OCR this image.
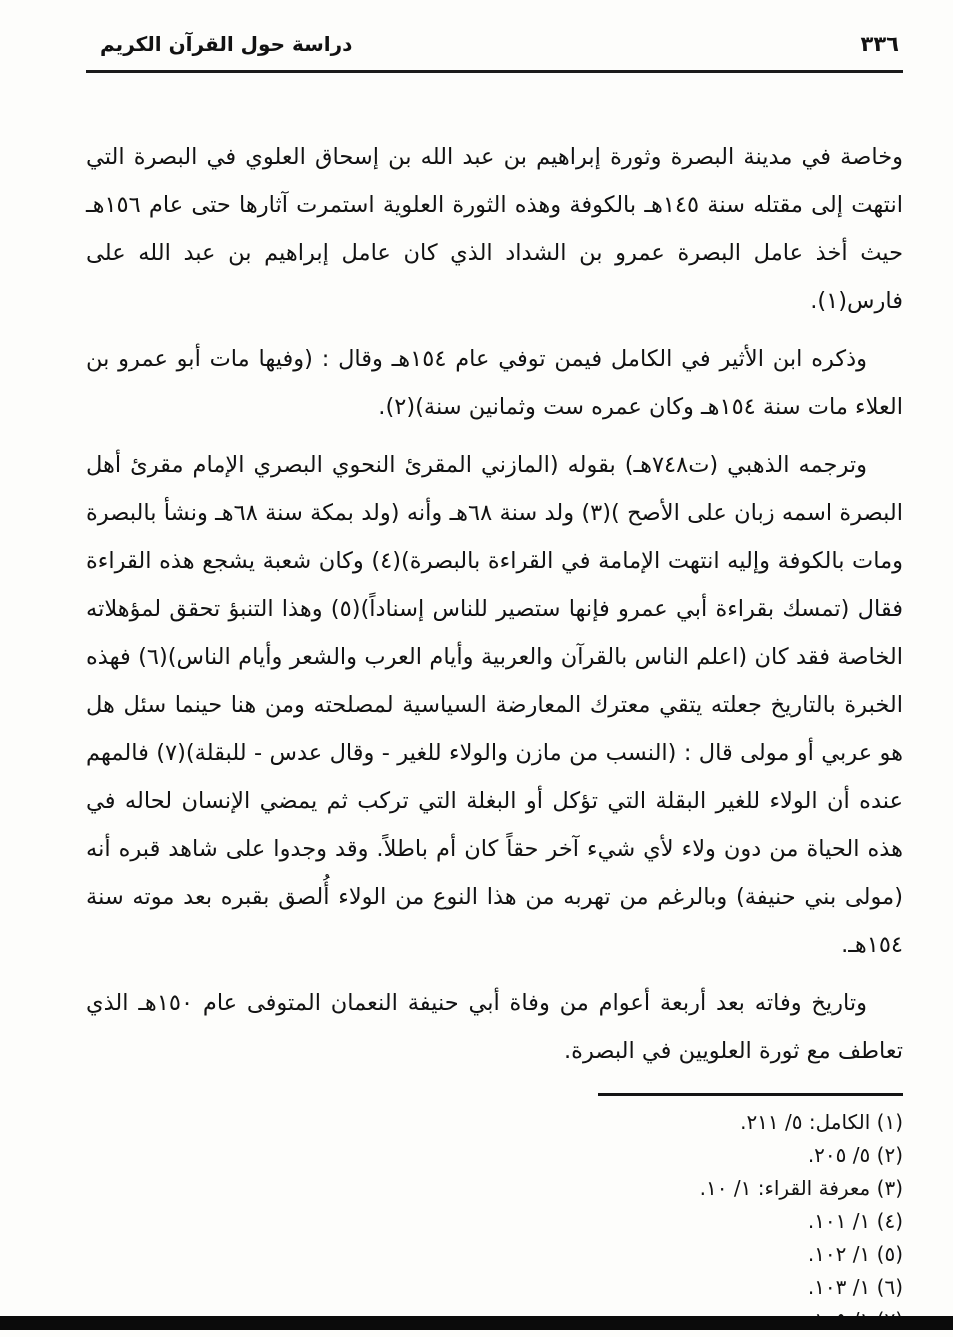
دراسة حول القرآن الكريم	٣٣٦

وخاصة في مدينة البصرة وثورة إبراهيم بن عبد الله بن إسحاق العلوي في البصرة التي انتهت إلى مقتله سنة ١٤٥هـ بالكوفة وهذه الثورة العلوية استمرت آثارها حتى عام ١٥٦هـ حيث أخذ عامل البصرة عمرو بن الشداد الذي كان عامل إبراهيم بن عبد الله على فارس(١).

وذكره ابن الأثير في الكامل فيمن توفي عام ١٥٤هـ وقال : (وفيها مات أبو عمرو بن العلاء مات سنة ١٥٤هـ وكان عمره ست وثمانين سنة)(٢).

وترجمه الذهبي (ت٧٤٨هـ) بقوله (المازني المقرئ النحوي البصري الإمام مقرئ أهل البصرة اسمه زبان على الأصح )(٣) ولد سنة ٦٨هـ وأنه (ولد بمكة سنة ٦٨هـ ونشأ بالبصرة ومات بالكوفة وإليه انتهت الإمامة في القراءة بالبصرة)(٤) وكان شعبة يشجع هذه القراءة فقال (تمسك بقراءة أبي عمرو فإنها ستصير للناس إسناداً)(٥) وهذا التنبؤ تحقق لمؤهلاته الخاصة فقد كان (اعلم الناس بالقرآن والعربية وأيام العرب والشعر وأيام الناس)(٦) فهذه الخبرة بالتاريخ جعلته يتقي معترك المعارضة السياسية لمصلحته ومن هنا حينما سئل هل هو عربي أو مولى قال : (النسب من مازن والولاء للغير - وقال عدس - للبقلة)(٧) فالمهم عنده أن الولاء للغير البقلة التي تؤكل أو البغلة التي تركب ثم يمضي الإنسان لحاله في هذه الحياة من دون ولاء لأي شيء آخر حقاً كان أم باطلاً. وقد وجدوا على شاهد قبره أنه (مولى بني حنيفة) وبالرغم من تهربه من هذا النوع من الولاء أُلصق بقبره بعد موته سنة ١٥٤هـ.

وتاريخ وفاته بعد أربعة أعوام من وفاة أبي حنيفة النعمان المتوفى عام ١٥٠هـ الذي تعاطف مع ثورة العلويين في البصرة.

(١) الكامل: ٥/ ٢١١.
(٢) ٥/ ٢٠٥.
(٣) معرفة القراء: ١/ ١٠.
(٤) ١/ ١٠١.
(٥) ١/ ١٠٢.
(٦) ١/ ١٠٣.
